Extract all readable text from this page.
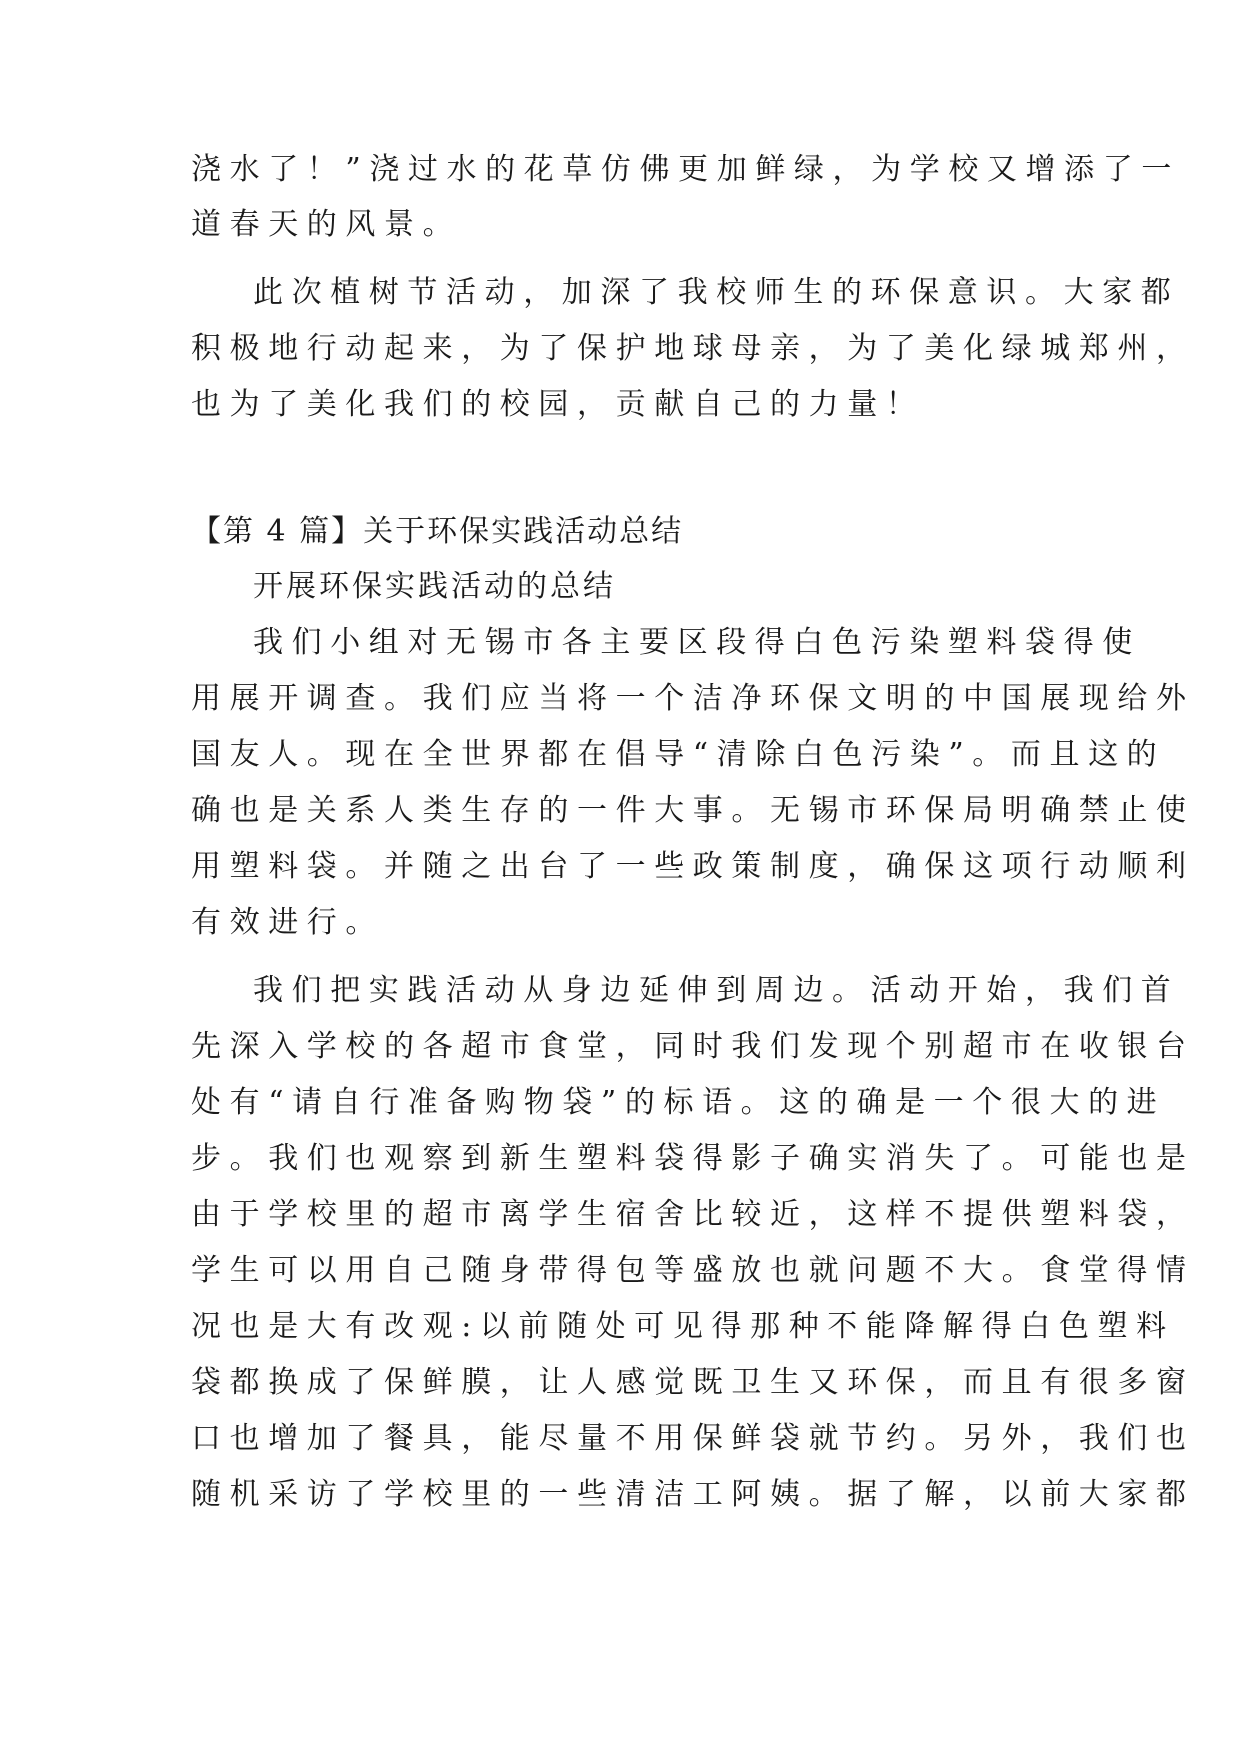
浇水了！”浇过水的花草仿佛更加鲜绿，为学校又增添了一
道春天的风景。
此次植树节活动，加深了我校师生的环保意识。大家都
积极地行动起来，为了保护地球母亲，为了美化绿城郑州，
也为了美化我们的校园，贡献自己的力量！
【第 4 篇】关于环保实践活动总结
开展环保实践活动的总结
我们小组对无锡市各主要区段得白色污染塑料袋得使
用展开调查。我们应当将一个洁净环保文明的中国展现给外
国友人。现在全世界都在倡导“清除白色污染”。而且这的
确也是关系人类生存的一件大事。无锡市环保局明确禁止使
用塑料袋。并随之出台了一些政策制度，确保这项行动顺利
有效进行。
我们把实践活动从身边延伸到周边。活动开始，我们首
先深入学校的各超市食堂，同时我们发现个别超市在收银台
处有“请自行准备购物袋”的标语。这的确是一个很大的进
步。我们也观察到新生塑料袋得影子确实消失了。可能也是
由于学校里的超市离学生宿舍比较近，这样不提供塑料袋，
学生可以用自己随身带得包等盛放也就问题不大。食堂得情
况也是大有改观:以前随处可见得那种不能降解得白色塑料
袋都换成了保鲜膜，让人感觉既卫生又环保，而且有很多窗
口也增加了餐具，能尽量不用保鲜袋就节约。另外，我们也
随机采访了学校里的一些清洁工阿姨。据了解，以前大家都
